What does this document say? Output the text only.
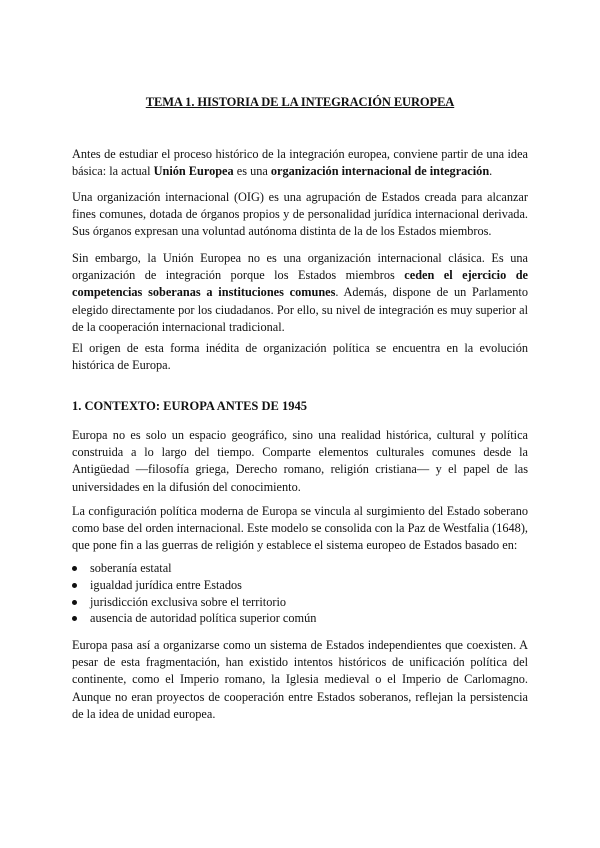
TEMA 1. HISTORIA DE LA INTEGRACIÓN EUROPEA

Antes de estudiar el proceso histórico de la integración europea, conviene partir de una idea básica: la actual Unión Europea es una organización internacional de integración.

Una organización internacional (OIG) es una agrupación de Estados creada para alcanzar fines comunes, dotada de órganos propios y de personalidad jurídica internacional derivada. Sus órganos expresan una voluntad autónoma distinta de la de los Estados miembros.

Sin embargo, la Unión Europea no es una organización internacional clásica. Es una organización de integración porque los Estados miembros ceden el ejercicio de competencias soberanas a instituciones comunes. Además, dispone de un Parlamento elegido directamente por los ciudadanos. Por ello, su nivel de integración es muy superior al de la cooperación internacional tradicional.

El origen de esta forma inédita de organización política se encuentra en la evolución histórica de Europa.

1. CONTEXTO: EUROPA ANTES DE 1945

Europa no es solo un espacio geográfico, sino una realidad histórica, cultural y política construida a lo largo del tiempo. Comparte elementos culturales comunes desde la Antigüedad —filosofía griega, Derecho romano, religión cristiana— y el papel de las universidades en la difusión del conocimiento.

La configuración política moderna de Europa se vincula al surgimiento del Estado soberano como base del orden internacional. Este modelo se consolida con la Paz de Westfalia (1648), que pone fin a las guerras de religión y establece el sistema europeo de Estados basado en:

soberanía estatal
igualdad jurídica entre Estados
jurisdicción exclusiva sobre el territorio
ausencia de autoridad política superior común

Europa pasa así a organizarse como un sistema de Estados independientes que coexisten. A pesar de esta fragmentación, han existido intentos históricos de unificación política del continente, como el Imperio romano, la Iglesia medieval o el Imperio de Carlomagno. Aunque no eran proyectos de cooperación entre Estados soberanos, reflejan la persistencia de la idea de unidad europea.
